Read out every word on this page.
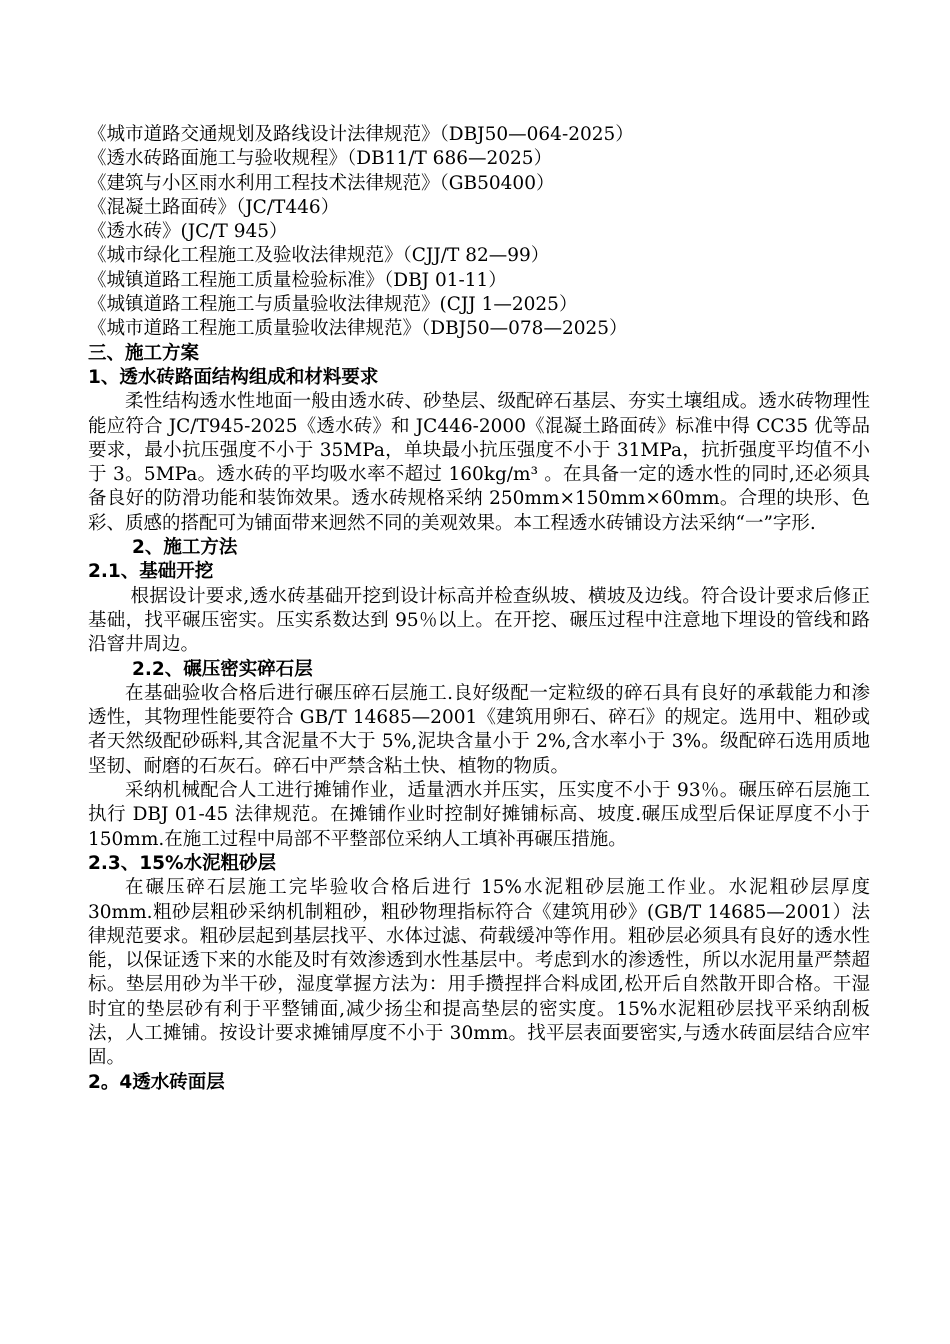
《城市道路交通规划及路线设计法律规范》（DBJ50—064-2025）

《透水砖路面施工与验收规程》（DB11/T 686—2025）

《建筑与小区雨水利用工程技术法律规范》（GB50400）

《混凝土路面砖》（JC/T446）

《透水砖》(JC/T 945）

《城市绿化工程施工及验收法律规范》（CJJ/T 82—99）

《城镇道路工程施工质量检验标准》（DBJ 01-11）

《城镇道路工程施工与质量验收法律规范》(CJJ 1—2025）

《城市道路工程施工质量验收法律规范》（DBJ50—078—2025）

三、施工方案

1、透水砖路面结构组成和材料要求

柔性结构透水性地面一般由透水砖、砂垫层、级配碎石基层、夯实土壤组成。透水砖物理性能应符合 JC/T945-2025《透水砖》和 JC446-2000《混凝土路面砖》标准中得 CC35 优等品要求，最小抗压强度不小于 35MPa，单块最小抗压强度不小于 31MPa，抗折强度平均值不小于 3。5MPa。透水砖的平均吸水率不超过 160kg/m³ 。在具备一定的透水性的同时,还必须具备良好的防滑功能和装饰效果。透水砖规格采纳 250mm×150mm×60mm。合理的块形、色彩、质感的搭配可为铺面带来迥然不同的美观效果。本工程透水砖铺设方法采纳“一”字形.

2、施工方法

2.1、基础开挖

根据设计要求,透水砖基础开挖到设计标高并检查纵坡、横坡及边线。符合设计要求后修正基础，找平碾压密实。压实系数达到 95％以上。在开挖、碾压过程中注意地下埋设的管线和路沿窨井周边。

2.2、碾压密实碎石层

在基础验收合格后进行碾压碎石层施工.良好级配一定粒级的碎石具有良好的承载能力和渗透性，其物理性能要符合 GB/T 14685—2001《建筑用卵石、碎石》的规定。选用中、粗砂或者天然级配砂砾料,其含泥量不大于 5%,泥块含量小于 2%,含水率小于 3%。级配碎石选用质地坚韧、耐磨的石灰石。碎石中严禁含粘土快、植物的物质。

采纳机械配合人工进行摊铺作业，适量洒水并压实，压实度不小于 93％。碾压碎石层施工执行 DBJ 01-45 法律规范。在摊铺作业时控制好摊铺标高、坡度.碾压成型后保证厚度不小于 150mm.在施工过程中局部不平整部位采纳人工填补再碾压措施。

2.3、15%水泥粗砂层

在碾压碎石层施工完毕验收合格后进行 15%水泥粗砂层施工作业。水泥粗砂层厚度 30mm.粗砂层粗砂采纳机制粗砂，粗砂物理指标符合《建筑用砂》(GB/T 14685—2001）法律规范要求。粗砂层起到基层找平、水体过滤、荷载缓冲等作用。粗砂层必须具有良好的透水性能，以保证透下来的水能及时有效渗透到水性基层中。考虑到水的渗透性，所以水泥用量严禁超标。垫层用砂为半干砂，湿度掌握方法为：用手攒捏拌合料成团,松开后自然散开即合格。干湿时宜的垫层砂有利于平整铺面,减少扬尘和提高垫层的密实度。15%水泥粗砂层找平采纳刮板法，人工摊铺。按设计要求摊铺厚度不小于 30mm。找平层表面要密实,与透水砖面层结合应牢固。

2。4透水砖面层
